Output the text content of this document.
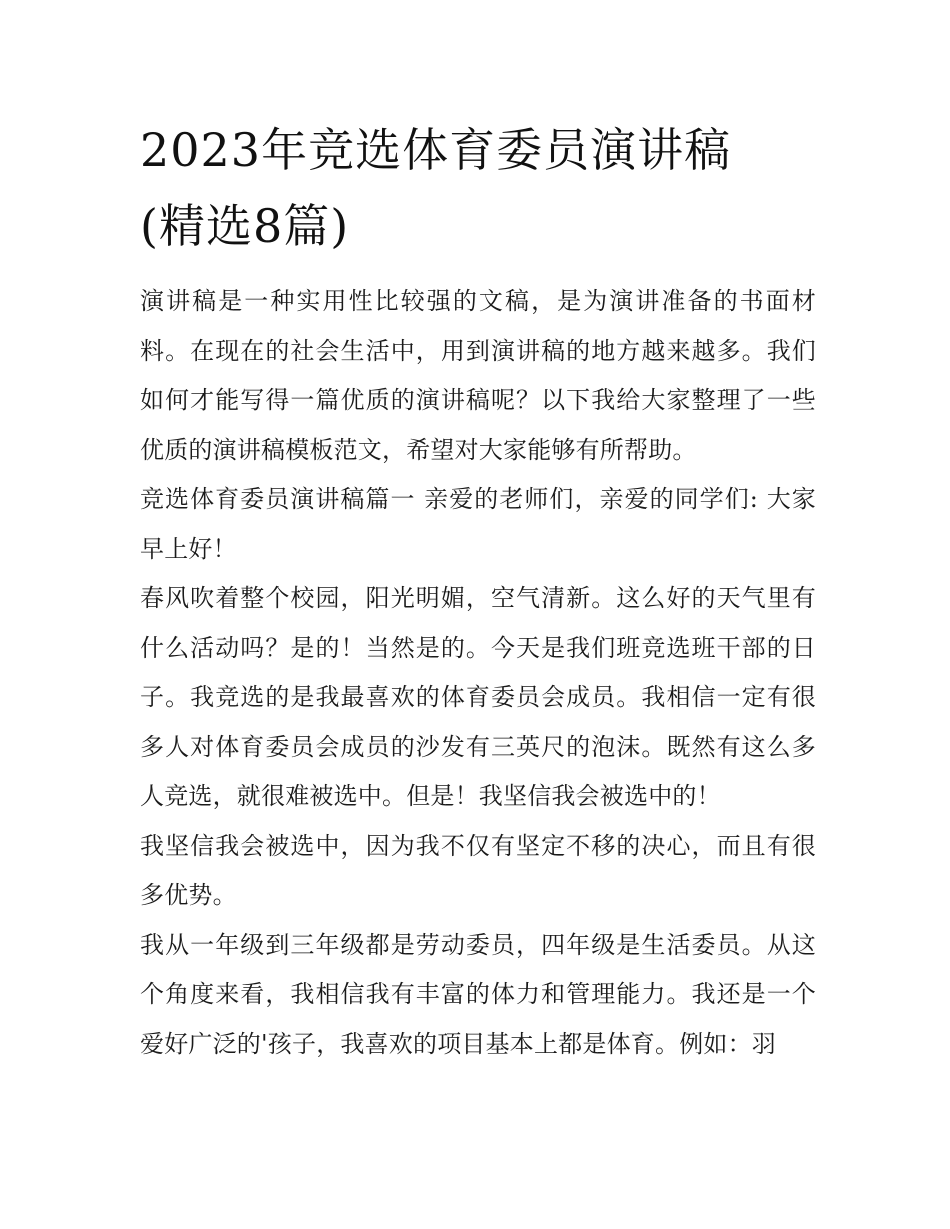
2023年竞选体育委员演讲稿
(精选8篇)

演讲稿是一种实用性比较强的文稿，是为演讲准备的书面材料。在现在的社会生活中，用到演讲稿的地方越来越多。我们如何才能写得一篇优质的演讲稿呢？以下我给大家整理了一些优质的演讲稿模板范文，希望对大家能够有所帮助。

竞选体育委员演讲稿篇一 亲爱的老师们，亲爱的同学们: 大家早上好！

春风吹着整个校园，阳光明媚，空气清新。这么好的天气里有什么活动吗？是的！当然是的。今天是我们班竞选班干部的日子。我竞选的是我最喜欢的体育委员会成员。我相信一定有很多人对体育委员会成员的沙发有三英尺的泡沫。既然有这么多人竞选，就很难被选中。但是！我坚信我会被选中的！

我坚信我会被选中，因为我不仅有坚定不移的决心，而且有很多优势。

我从一年级到三年级都是劳动委员，四年级是生活委员。从这个角度来看，我相信我有丰富的体力和管理能力。我还是一个爱好广泛的'孩子，我喜欢的项目基本上都是体育。例如：羽
